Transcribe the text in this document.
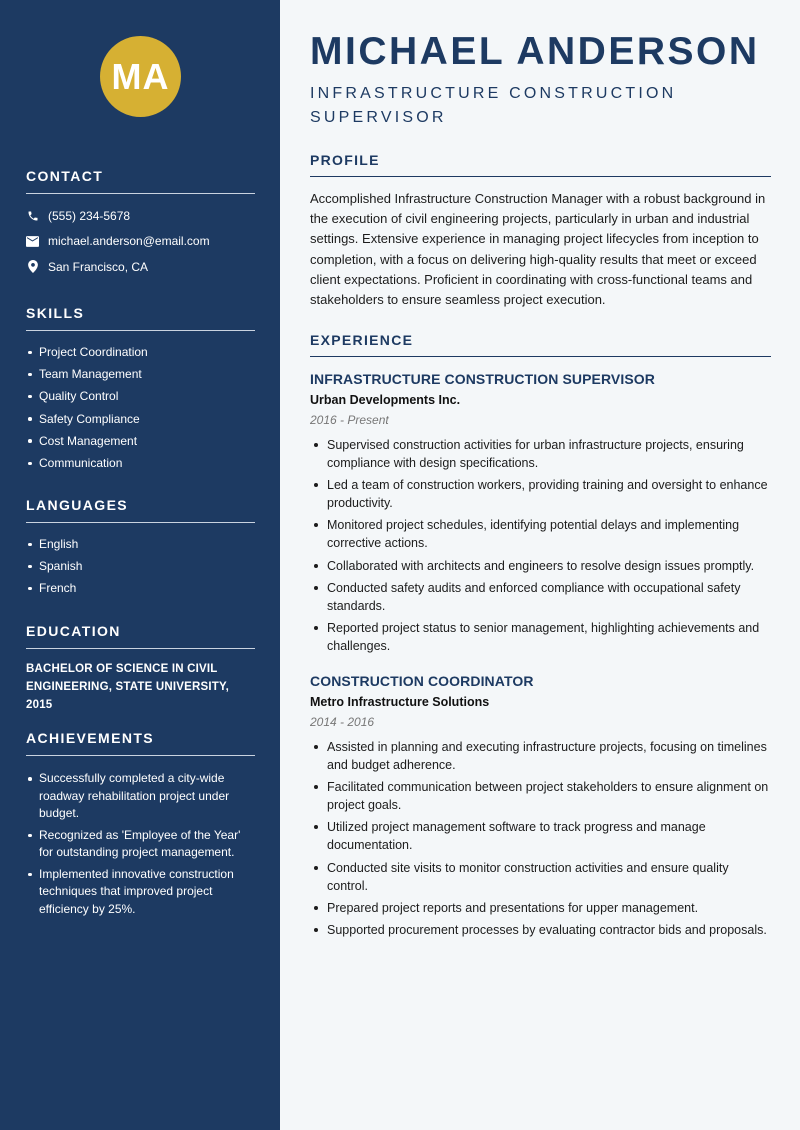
MA
CONTACT
(555) 234-5678
michael.anderson@email.com
San Francisco, CA
SKILLS
Project Coordination
Team Management
Quality Control
Safety Compliance
Cost Management
Communication
LANGUAGES
English
Spanish
French
EDUCATION
BACHELOR OF SCIENCE IN CIVIL ENGINEERING, STATE UNIVERSITY, 2015
ACHIEVEMENTS
Successfully completed a city-wide roadway rehabilitation project under budget.
Recognized as 'Employee of the Year' for outstanding project management.
Implemented innovative construction techniques that improved project efficiency by 25%.
MICHAEL ANDERSON
INFRASTRUCTURE CONSTRUCTION SUPERVISOR
PROFILE

Accomplished Infrastructure Construction Manager with a robust background in the execution of civil engineering projects, particularly in urban and industrial settings. Extensive experience in managing project lifecycles from inception to completion, with a focus on delivering high-quality results that meet or exceed client expectations. Proficient in coordinating with cross-functional teams and stakeholders to ensure seamless project execution.

EXPERIENCE
INFRASTRUCTURE CONSTRUCTION SUPERVISOR
Urban Developments Inc.
2016 - Present
Supervised construction activities for urban infrastructure projects, ensuring compliance with design specifications.
Led a team of construction workers, providing training and oversight to enhance productivity.
Monitored project schedules, identifying potential delays and implementing corrective actions.
Collaborated with architects and engineers to resolve design issues promptly.
Conducted safety audits and enforced compliance with occupational safety standards.
Reported project status to senior management, highlighting achievements and challenges.
CONSTRUCTION COORDINATOR
Metro Infrastructure Solutions
2014 - 2016
Assisted in planning and executing infrastructure projects, focusing on timelines and budget adherence.
Facilitated communication between project stakeholders to ensure alignment on project goals.
Utilized project management software to track progress and manage documentation.
Conducted site visits to monitor construction activities and ensure quality control.
Prepared project reports and presentations for upper management.
Supported procurement processes by evaluating contractor bids and proposals.
